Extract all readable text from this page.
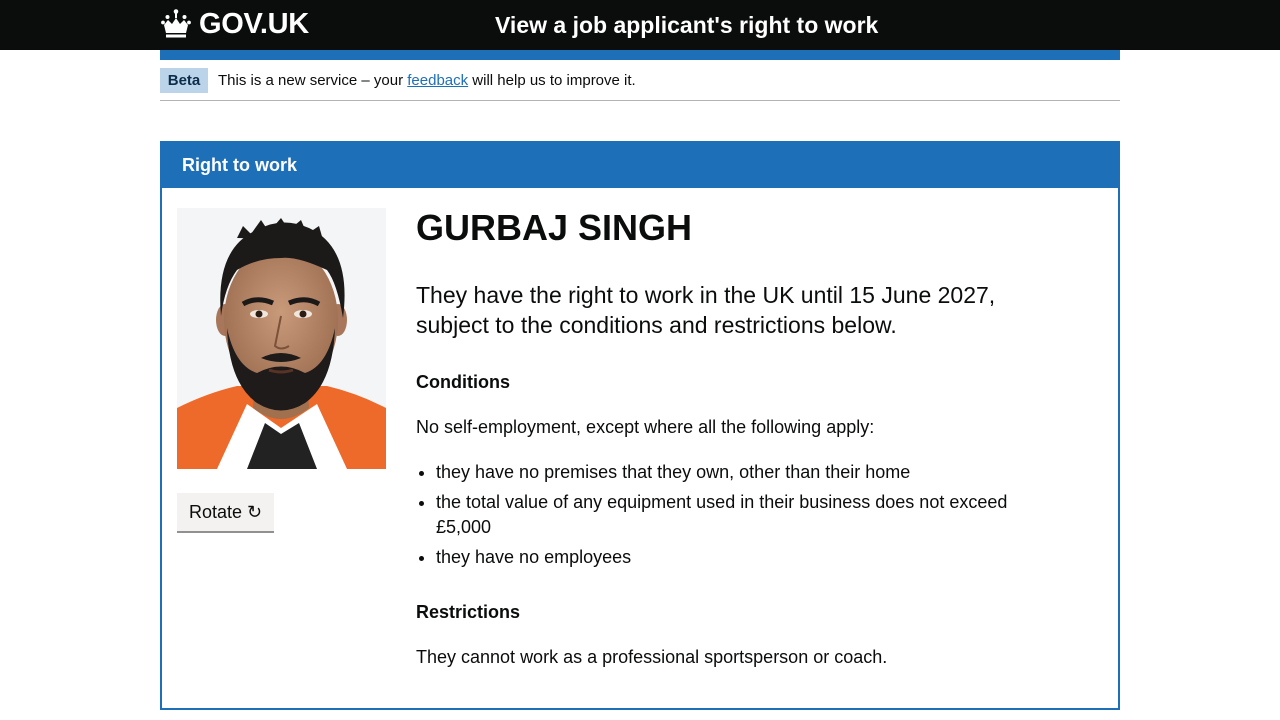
GOV.UK	View a job applicant's right to work
Beta	This is a new service – your feedback will help us to improve it.
Right to work
Rotate ↻
GURBAJ SINGH

They have the right to work in the UK until 15 June 2027, subject to the conditions and restrictions below.

Conditions

No self-employment, except where all the following apply:

• they have no premises that they own, other than their home
• the total value of any equipment used in their business does not exceed £5,000
• they have no employees
Restrictions

They cannot work as a professional sportsperson or coach.
